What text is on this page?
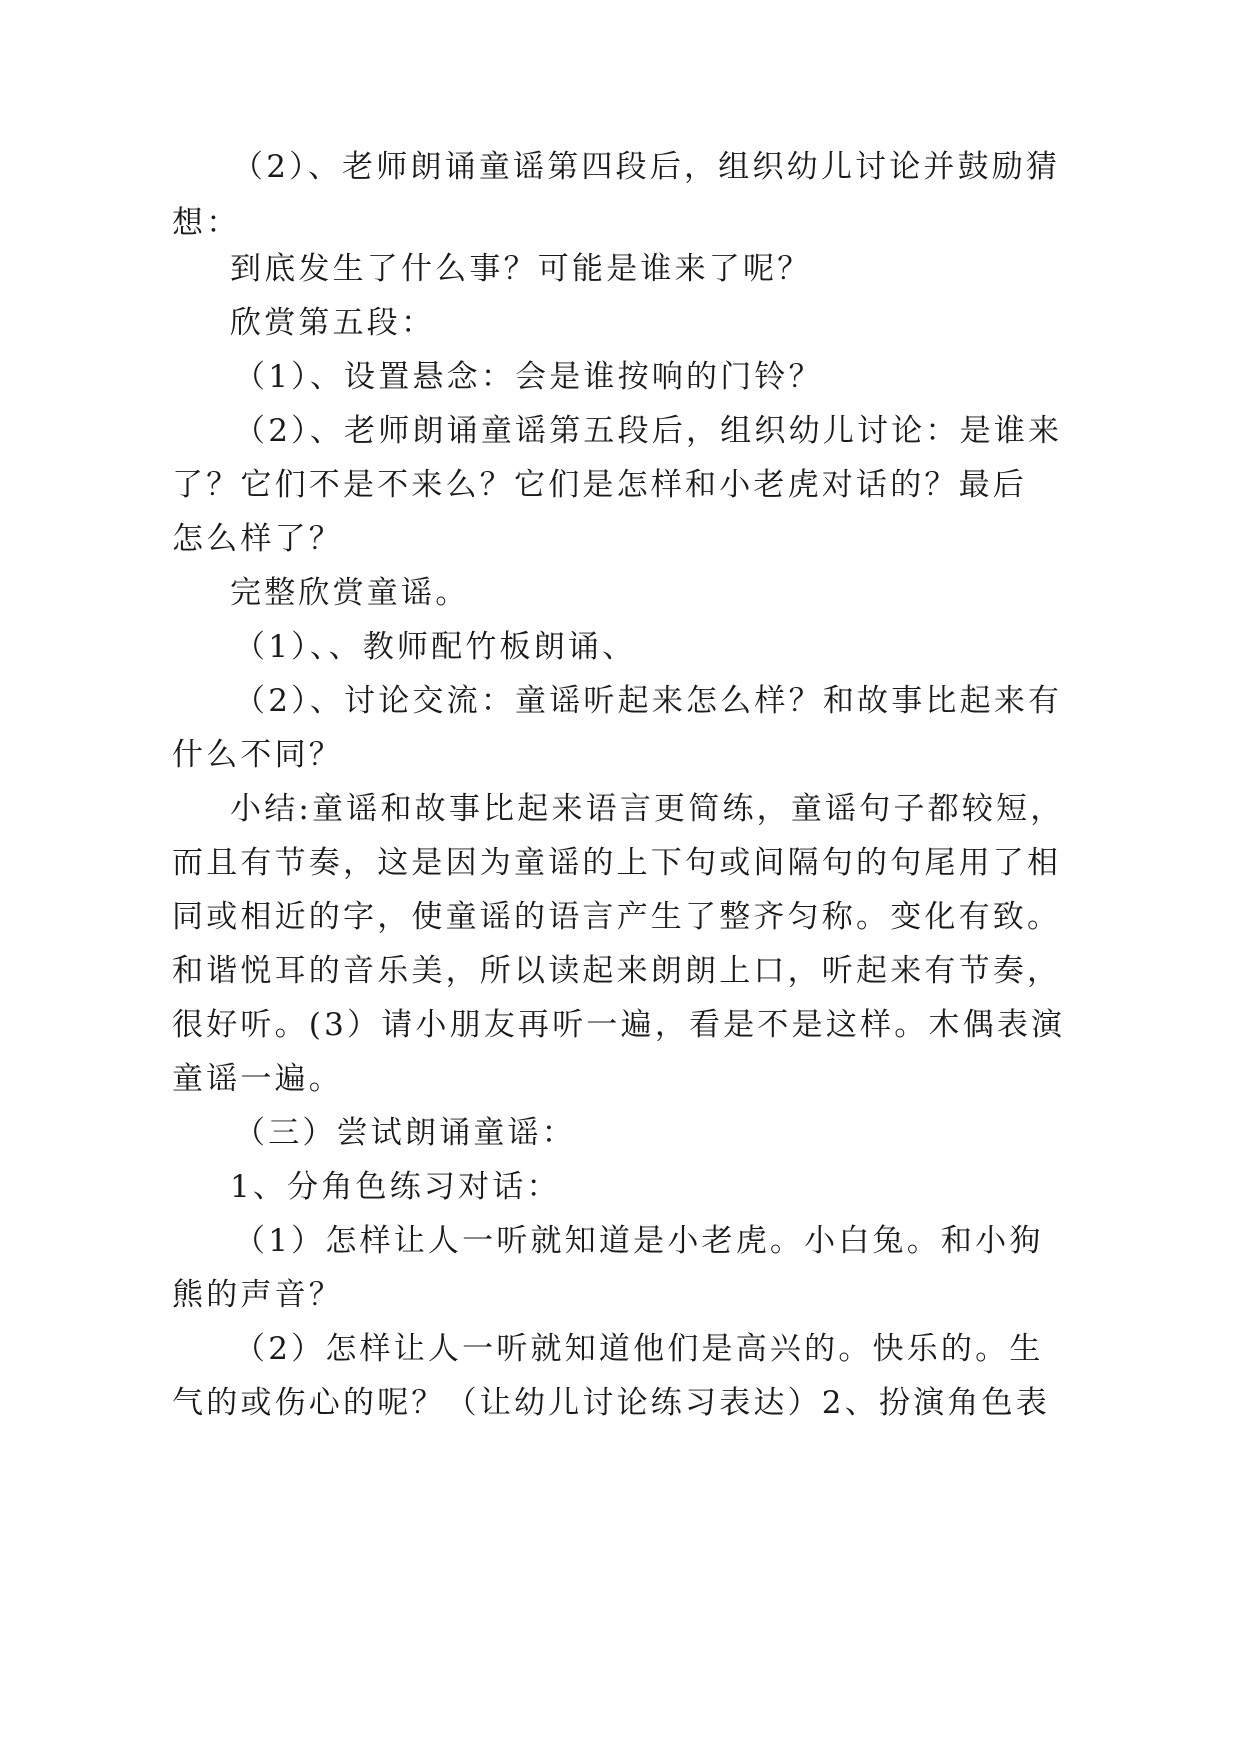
（2）、老师朗诵童谣第四段后，组织幼儿讨论并鼓励猜
想：
到底发生了什么事？可能是谁来了呢？
欣赏第五段：
（1）、设置悬念：会是谁按响的门铃？
（2）、老师朗诵童谣第五段后，组织幼儿讨论：是谁来
了？它们不是不来么？它们是怎样和小老虎对话的？最后
怎么样了？
完整欣赏童谣。
（1）、、教师配竹板朗诵、
（2）、讨论交流：童谣听起来怎么样？和故事比起来有
什么不同？
小结:童谣和故事比起来语言更简练，童谣句子都较短，
而且有节奏，这是因为童谣的上下句或间隔句的句尾用了相
同或相近的字，使童谣的语言产生了整齐匀称。变化有致。
和谐悦耳的音乐美，所以读起来朗朗上口，听起来有节奏，
很好听。(3）请小朋友再听一遍，看是不是这样。木偶表演
童谣一遍。
（三）尝试朗诵童谣：
1、分角色练习对话：
（1）怎样让人一听就知道是小老虎。小白兔。和小狗
熊的声音？
（2）怎样让人一听就知道他们是高兴的。快乐的。生
气的或伤心的呢？（让幼儿讨论练习表达）2、扮演角色表
